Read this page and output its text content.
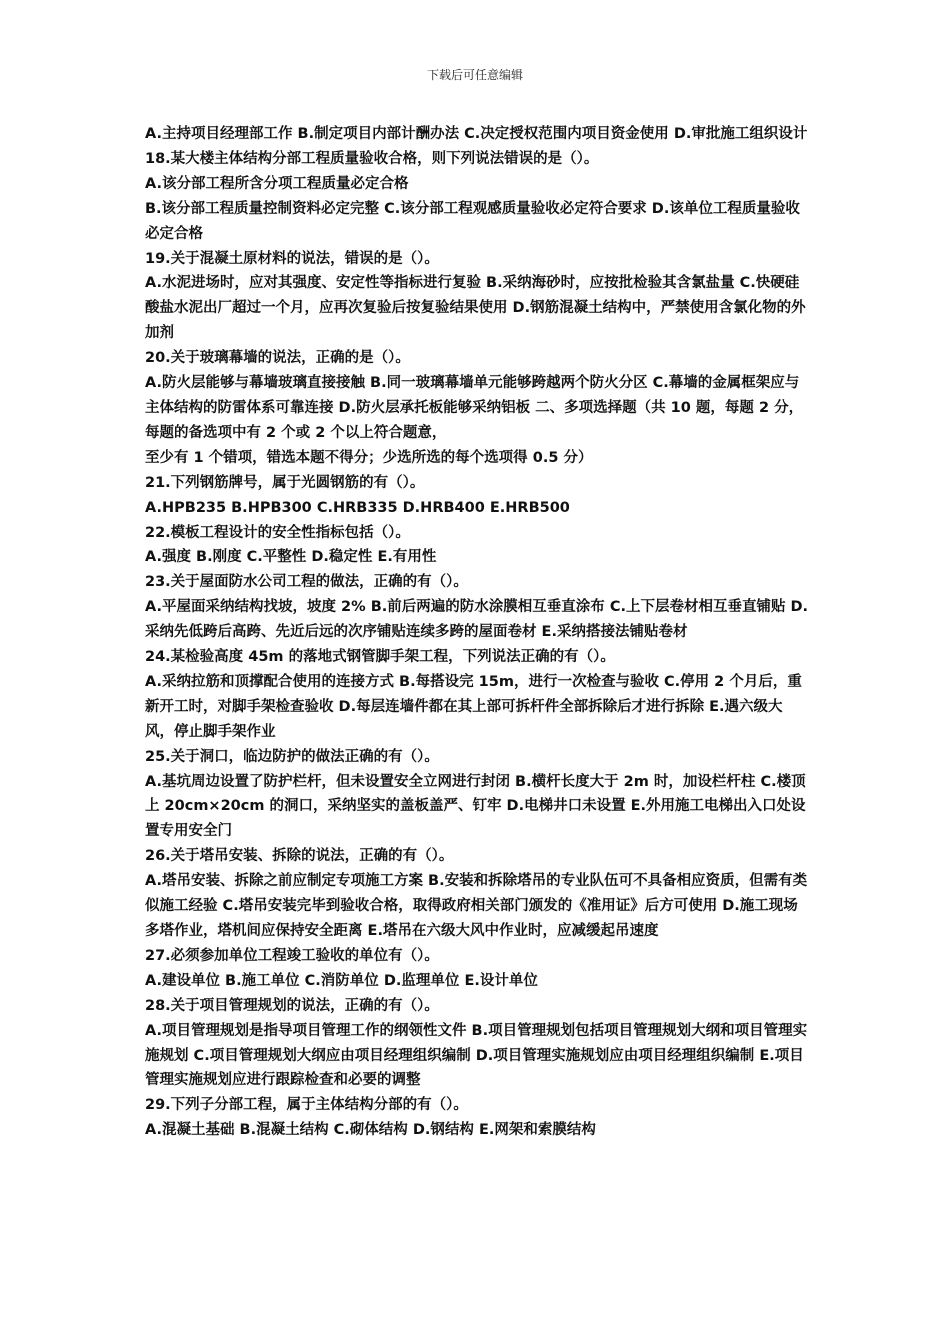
下载后可任意编辑
A.主持项目经理部工作 B.制定项目内部计酬办法 C.决定授权范围内项目资金使用 D.审批施工组织设计
18.某大楼主体结构分部工程质量验收合格，则下列说法错误的是（）。
A.该分部工程所含分项工程质量必定合格
B.该分部工程质量控制资料必定完整 C.该分部工程观感质量验收必定符合要求 D.该单位工程质量验收必定合格
19.关于混凝土原材料的说法，错误的是（）。
A.水泥进场时，应对其强度、安定性等指标进行复验 B.采纳海砂时，应按批检验其含氯盐量 C.快硬硅酸盐水泥出厂超过一个月，应再次复验后按复验结果使用 D.钢筋混凝土结构中，严禁使用含氯化物的外加剂
20.关于玻璃幕墙的说法，正确的是（）。
A.防火层能够与幕墙玻璃直接接触 B.同一玻璃幕墙单元能够跨越两个防火分区 C.幕墙的金属框架应与主体结构的防雷体系可靠连接 D.防火层承托板能够采纳铝板 二、多项选择题（共 10 题，每题 2 分，每题的备选项中有 2 个或 2 个以上符合题意，
至少有 1 个错项，错选本题不得分；少选所选的每个选项得 0.5 分）
21.下列钢筋牌号，属于光圆钢筋的有（）。
A.HPB235 B.HPB300 C.HRB335 D.HRB400 E.HRB500
22.模板工程设计的安全性指标包括（）。
A.强度 B.刚度 C.平整性 D.稳定性 E.有用性
23.关于屋面防水公司工程的做法，正确的有（）。
A.平屋面采纳结构找坡，坡度 2% B.前后两遍的防水涂膜相互垂直涂布 C.上下层卷材相互垂直铺贴 D.采纳先低跨后高跨、先近后远的次序铺贴连续多跨的屋面卷材 E.采纳搭接法铺贴卷材
24.某检验高度 45m 的落地式钢管脚手架工程，下列说法正确的有（）。
A.采纳拉筋和顶撑配合使用的连接方式 B.每搭设完 15m，进行一次检查与验收 C.停用 2 个月后，重新开工时，对脚手架检查验收 D.每层连墙件都在其上部可拆杆件全部拆除后才进行拆除 E.遇六级大风，停止脚手架作业
25.关于洞口，临边防护的做法正确的有（）。
A.基坑周边设置了防护栏杆，但未设置安全立网进行封闭 B.横杆长度大于 2m 时，加设栏杆柱 C.楼顶上 20cm×20cm 的洞口，采纳坚实的盖板盖严、钉牢 D.电梯井口未设置 E.外用施工电梯出入口处设置专用安全门
26.关于塔吊安装、拆除的说法，正确的有（）。
A.塔吊安装、拆除之前应制定专项施工方案 B.安装和拆除塔吊的专业队伍可不具备相应资质，但需有类似施工经验 C.塔吊安装完毕到验收合格，取得政府相关部门颁发的《准用证》后方可使用 D.施工现场多塔作业，塔机间应保持安全距离 E.塔吊在六级大风中作业时，应减缓起吊速度
27.必须参加单位工程竣工验收的单位有（）。
A.建设单位 B.施工单位 C.消防单位 D.监理单位 E.设计单位
28.关于项目管理规划的说法，正确的有（）。
A.项目管理规划是指导项目管理工作的纲领性文件 B.项目管理规划包括项目管理规划大纲和项目管理实施规划 C.项目管理规划大纲应由项目经理组织编制 D.项目管理实施规划应由项目经理组织编制 E.项目管理实施规划应进行跟踪检查和必要的调整
29.下列子分部工程，属于主体结构分部的有（）。
A.混凝土基础 B.混凝土结构 C.砌体结构 D.钢结构 E.网架和索膜结构
